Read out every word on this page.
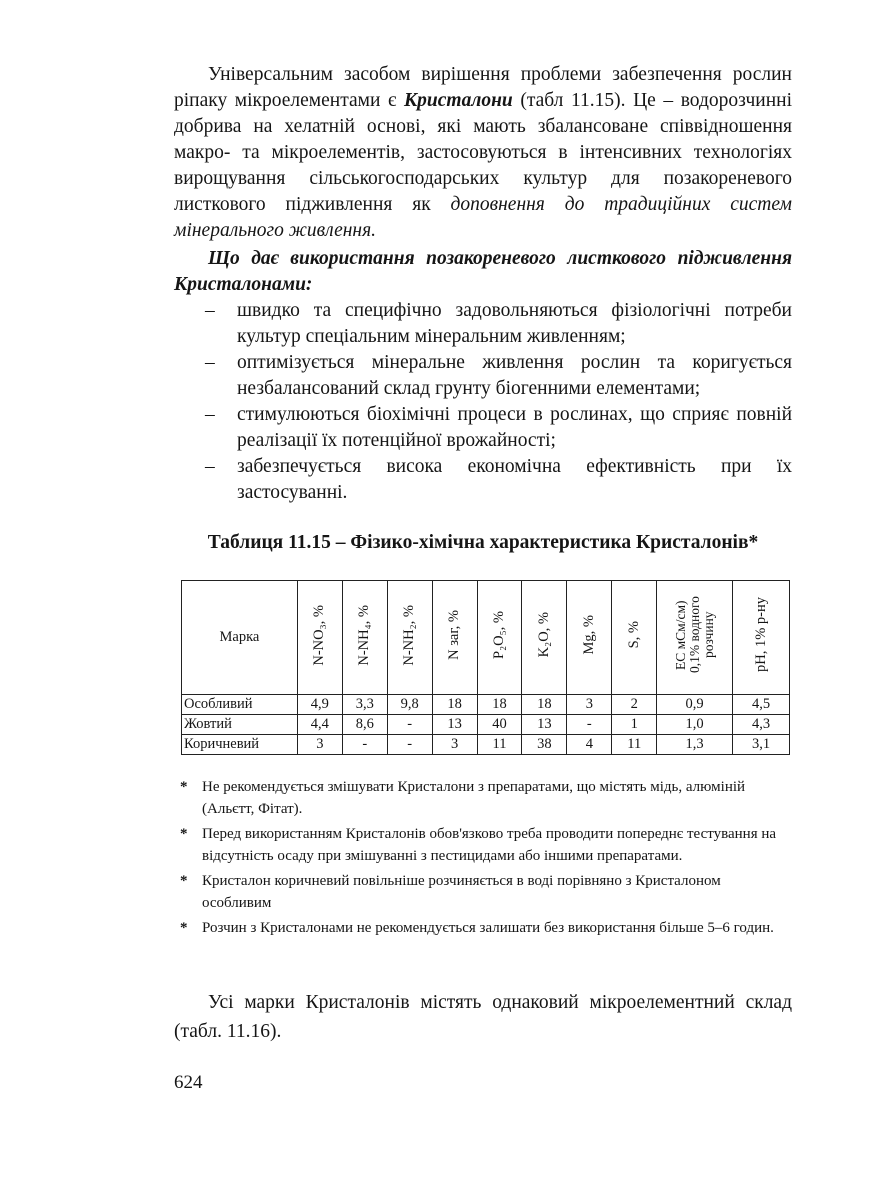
Універсальним засобом вирішення проблеми забезпечення рослин ріпаку мікроелементами є Кристалони (табл 11.15). Це – водорозчинні добрива на хелатній основі, які мають збалансоване співвідношення макро- та мікроелементів, застосовуються в інтенсивних технологіях вирощування сільськогосподарських культур для позакореневого листкового підживлення як доповнення до традиційних систем мінерального живлення.

Що дає використання позакореневого листкового підживлення Кристалонами:

– швидко та специфічно задовольняються фізіологічні потреби культур спеціальним мінеральним живленням;
– оптимізується мінеральне живлення рослин та коригується незбалансований склад грунту біогенними елементами;
– стимулюються біохімічні процеси в рослинах, що сприяє повній реалізації їх потенційної врожайності;
– забезпечується висока економічна ефективність при їх застосуванні.

Таблиця 11.15 – Фізико-хімічна характеристика Кристалонів*

Марка	N-NO₃, %	N-NH₄, %	N-NH₂, %	N заг, %	P₂O₅, %	K₂O, %	Mg, %	S, %	EC мСм/см) 0,1% водного розчину	pH, 1% р-ну
Особливий	4,9	3,3	9,8	18	18	18	3	2	0,9	4,5
Жовтий	4,4	8,6	-	13	40	13	-	1	1,0	4,3
Коричневий	3	-	-	3	11	38	4	11	1,3	3,1
* Не рекомендується змішувати Кристалони з препаратами, що містять мідь, алюміній (Альєтт, Фітат).
* Перед використанням Кристалонів обов'язково треба проводити попереднє тестування на відсутність осаду при змішуванні з пестицидами або іншими препаратами.
* Кристалон коричневий повільніше розчиняється в воді порівняно з Кристалоном особливим
* Розчин з Кристалонами не рекомендується залишати без використання більше 5–6 годин.

Усі марки Кристалонів містять однаковий мікроелементний склад (табл. 11.16).

624
